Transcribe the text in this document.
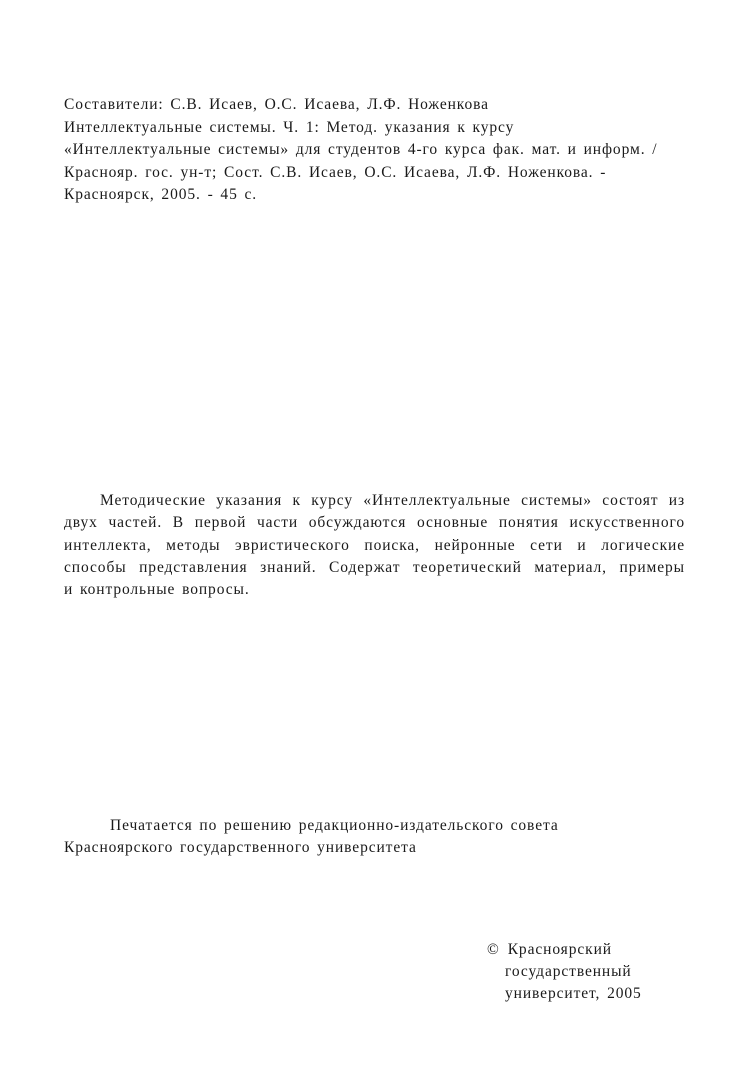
Составители: С.В. Исаев, О.С. Исаева, Л.Ф. Ноженкова
Интеллектуальные системы. Ч. 1: Метод. указания к курсу
«Интеллектуальные системы» для студентов 4-го курса фак. мат. и информ. /
Краснояр. гос. ун-т; Сост. С.В. Исаев, О.С. Исаева, Л.Ф. Ноженкова. -
Красноярск, 2005. - 45 с.
Методические указания к курсу «Интеллектуальные системы» состоят из
двух частей. В первой части обсуждаются основные понятия искусственного
интеллекта, методы эвристического поиска, нейронные сети и логические
способы представления знаний. Содержат теоретический материал, примеры
и контрольные вопросы.
Печатается по решению редакционно-издательского совета
Красноярского государственного университета
© Красноярский
государственный
университет, 2005
